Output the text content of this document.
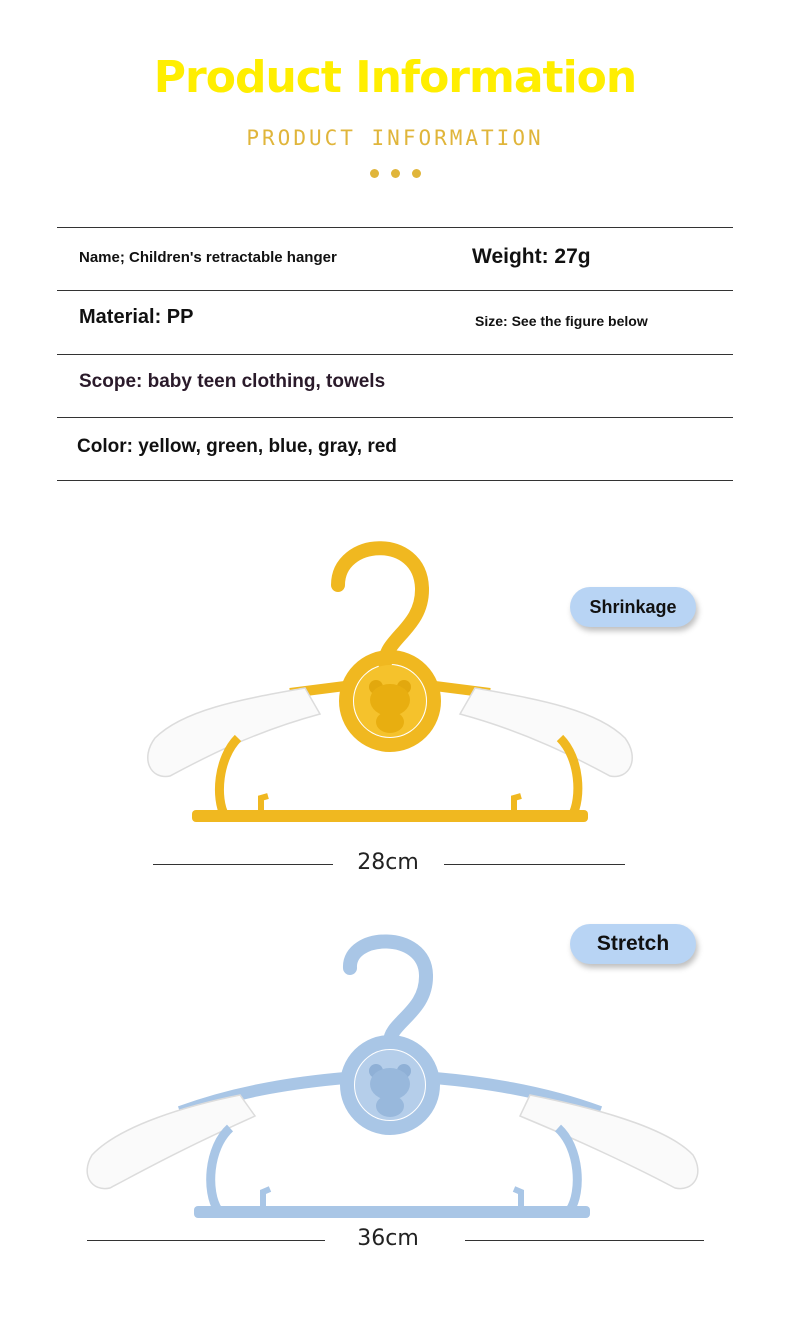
Product Information
PRODUCT INFORMATION
Name; Children's retractable hanger	Weight: 27g
Material: PP	Size: See the figure below
Scope: baby teen clothing, towels
Color: yellow, green, blue, gray, red
Shrinkage
28cm
Stretch
36cm
